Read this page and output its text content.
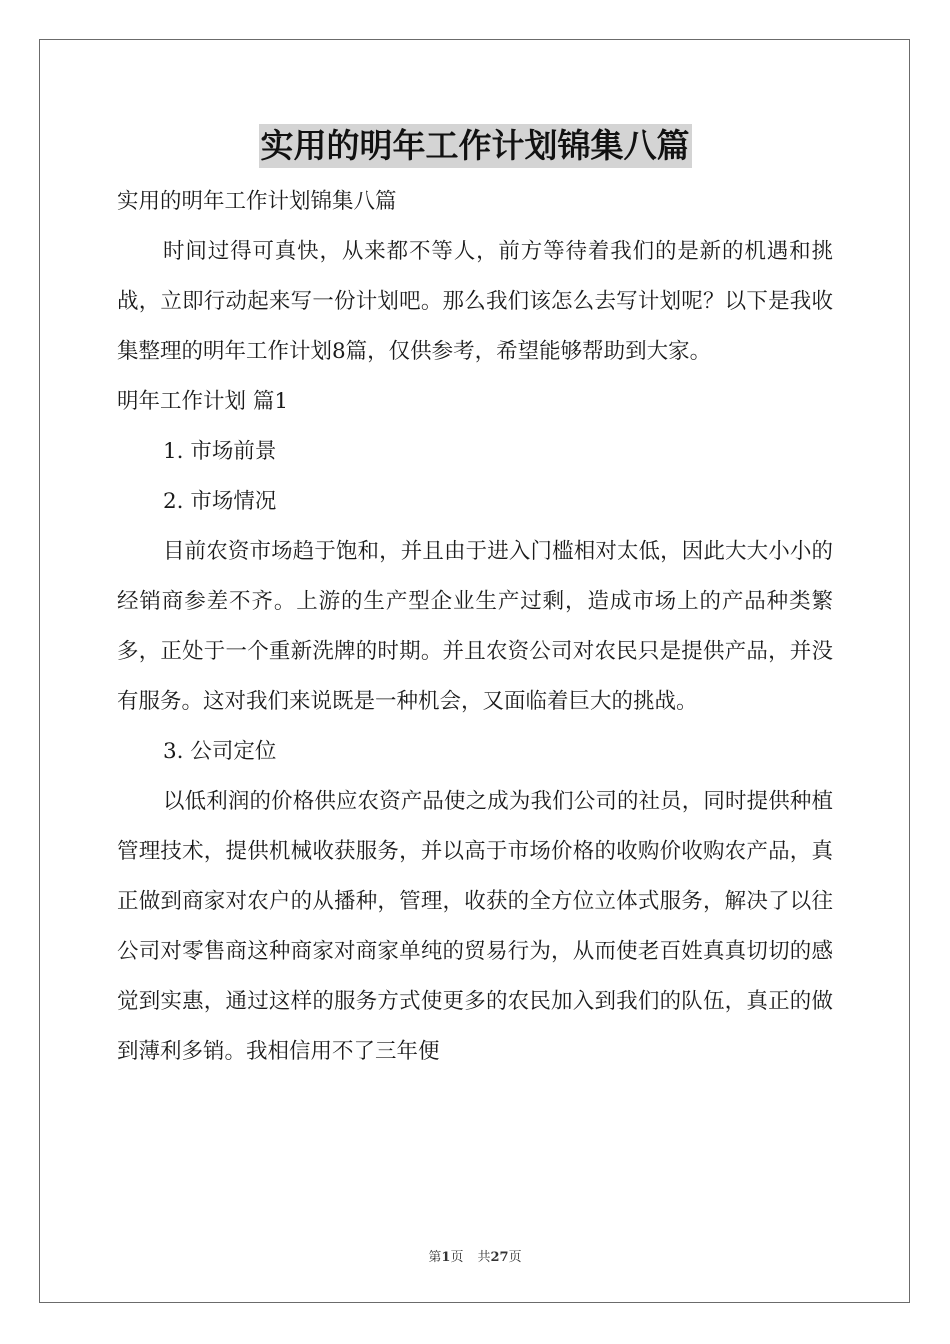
实用的明年工作计划锦集八篇

实用的明年工作计划锦集八篇

时间过得可真快，从来都不等人，前方等待着我们的是新的机遇和挑战，立即行动起来写一份计划吧。那么我们该怎么去写计划呢？以下是我收集整理的明年工作计划8篇，仅供参考，希望能够帮助到大家。

明年工作计划 篇1

1. 市场前景

2. 市场情况

目前农资市场趋于饱和，并且由于进入门槛相对太低，因此大大小小的经销商参差不齐。上游的生产型企业生产过剩，造成市场上的产品种类繁多，正处于一个重新洗牌的时期。并且农资公司对农民只是提供产品，并没有服务。这对我们来说既是一种机会，又面临着巨大的挑战。

3. 公司定位

以低利润的价格供应农资产品使之成为我们公司的社员，同时提供种植管理技术，提供机械收获服务，并以高于市场价格的收购价收购农产品，真正做到商家对农户的从播种，管理，收获的全方位立体式服务，解决了以往公司对零售商这种商家对商家单纯的贸易行为，从而使老百姓真真切切的感觉到实惠，通过这样的服务方式使更多的农民加入到我们的队伍，真正的做到薄利多销。我相信用不了三年便

第1页 共27页
